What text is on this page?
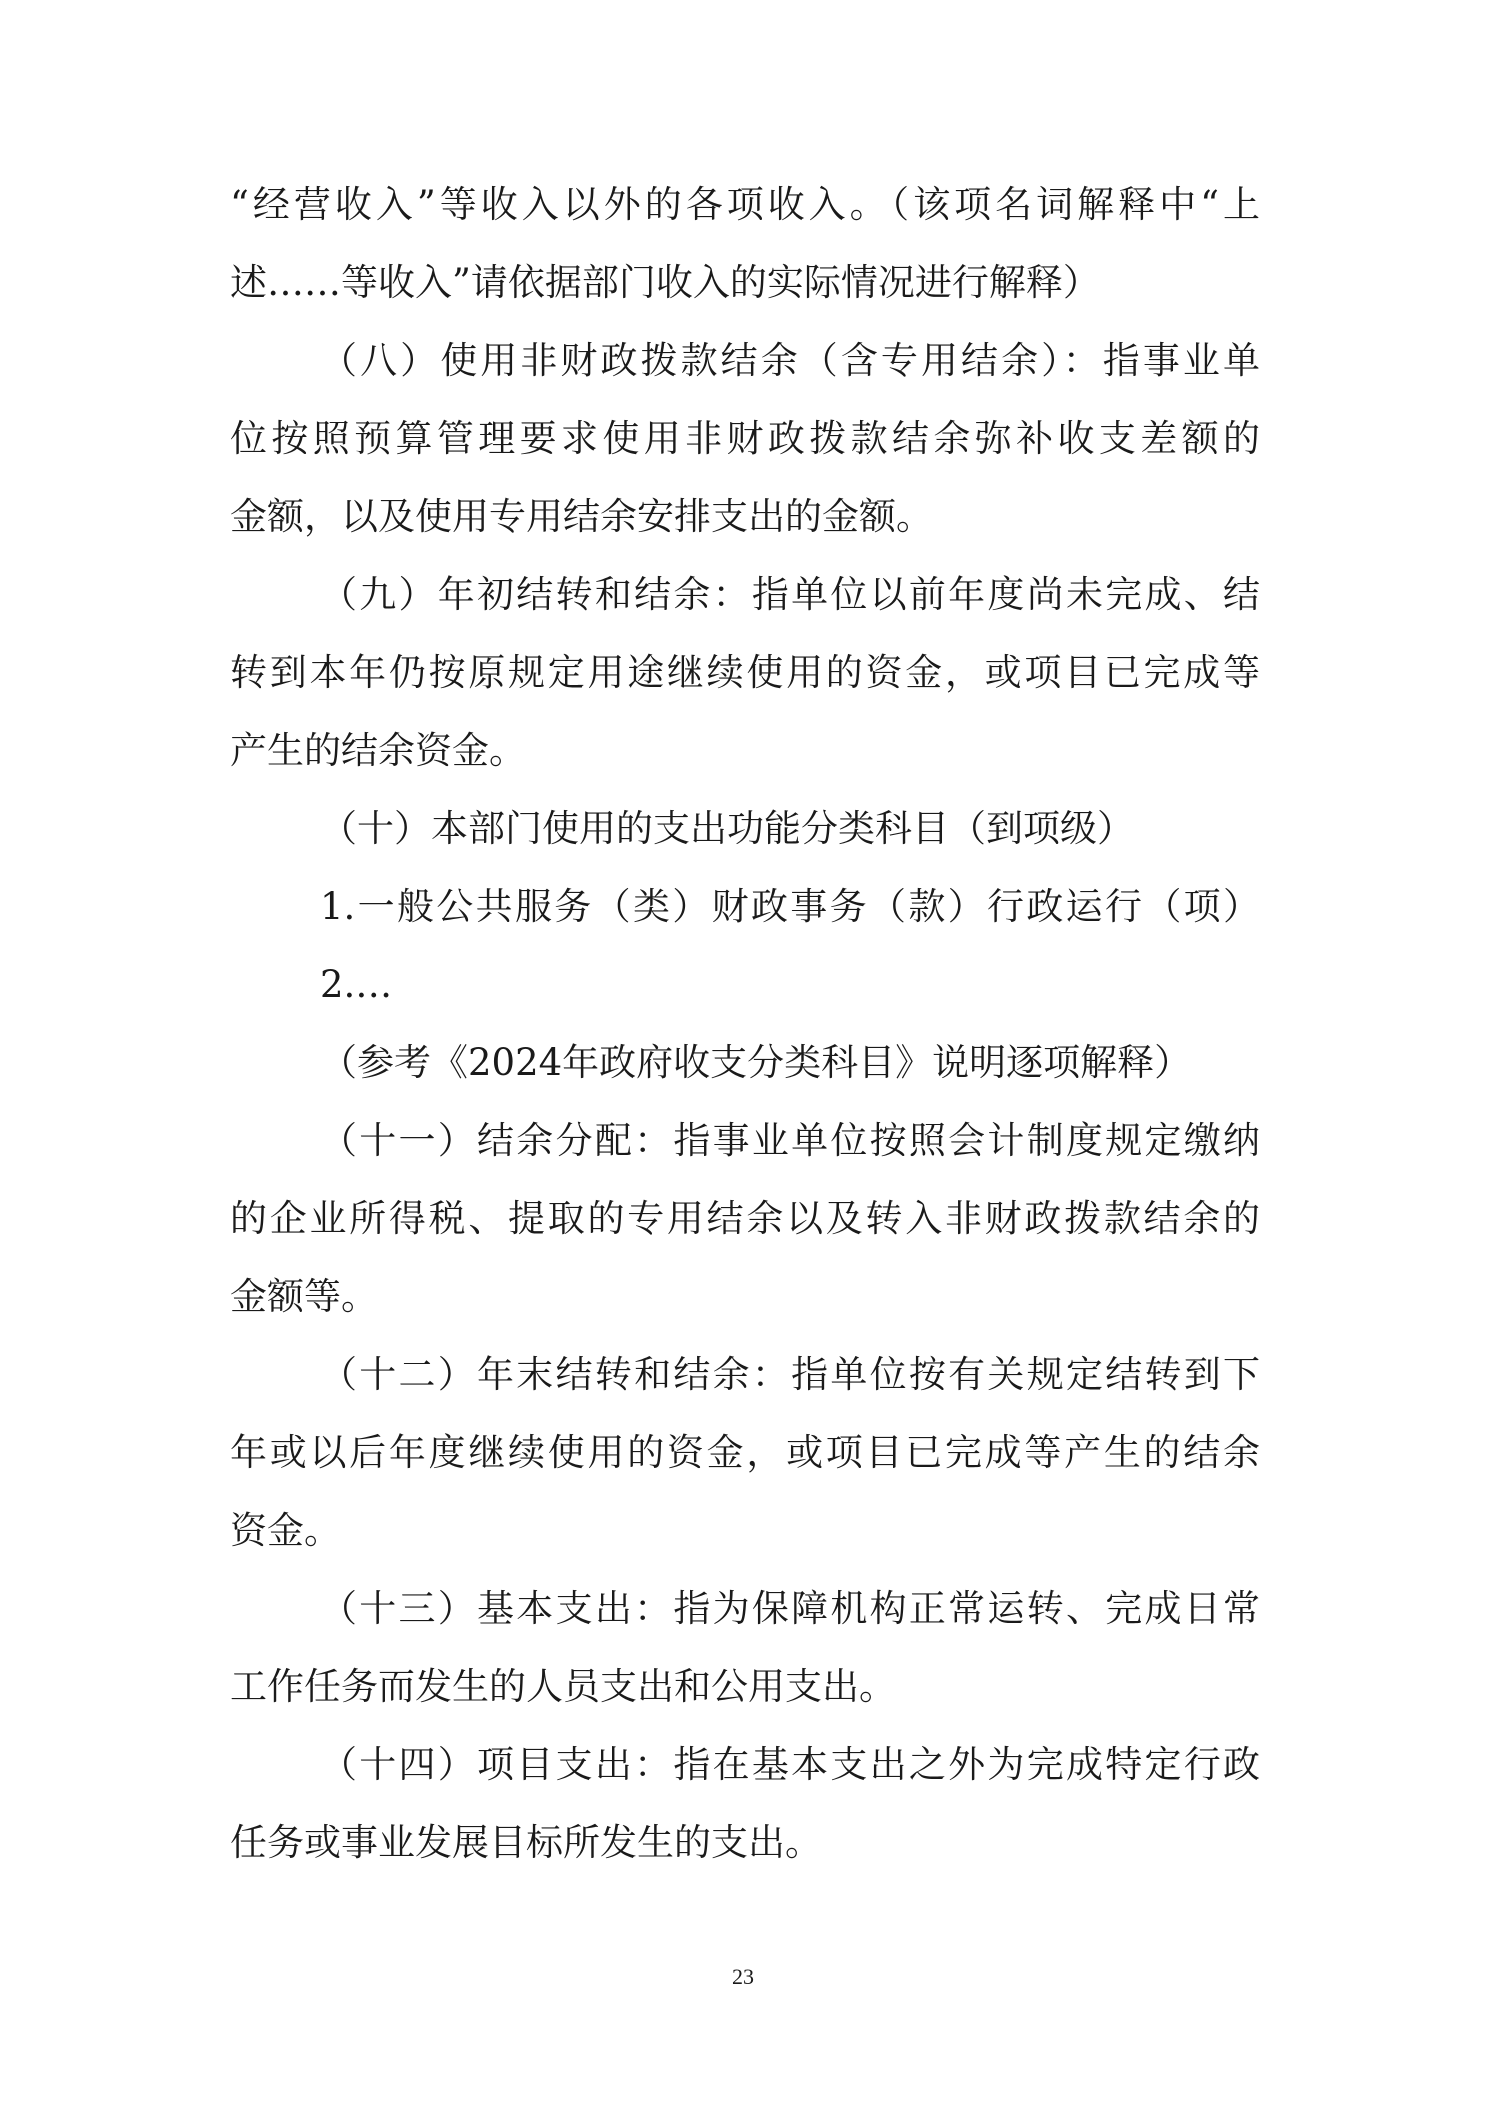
“经营收入”等收入以外的各项收入。（该项名词解释中“上
述……等收入”请依据部门收入的实际情况进行解释）
（八）使用非财政拨款结余（含专用结余）：指事业单
位按照预算管理要求使用非财政拨款结余弥补收支差额的
金额，以及使用专用结余安排支出的金额。
（九）年初结转和结余：指单位以前年度尚未完成、结
转到本年仍按原规定用途继续使用的资金，或项目已完成等
产生的结余资金。
（十）本部门使用的支出功能分类科目（到项级）
1.一般公共服务（类）财政事务（款）行政运行（项）
2.…
（参考《2024年政府收支分类科目》说明逐项解释）
（十一）结余分配：指事业单位按照会计制度规定缴纳
的企业所得税、提取的专用结余以及转入非财政拨款结余的
金额等。
（十二）年末结转和结余：指单位按有关规定结转到下
年或以后年度继续使用的资金，或项目已完成等产生的结余
资金。
（十三）基本支出：指为保障机构正常运转、完成日常
工作任务而发生的人员支出和公用支出。
（十四）项目支出：指在基本支出之外为完成特定行政
任务或事业发展目标所发生的支出。
23
